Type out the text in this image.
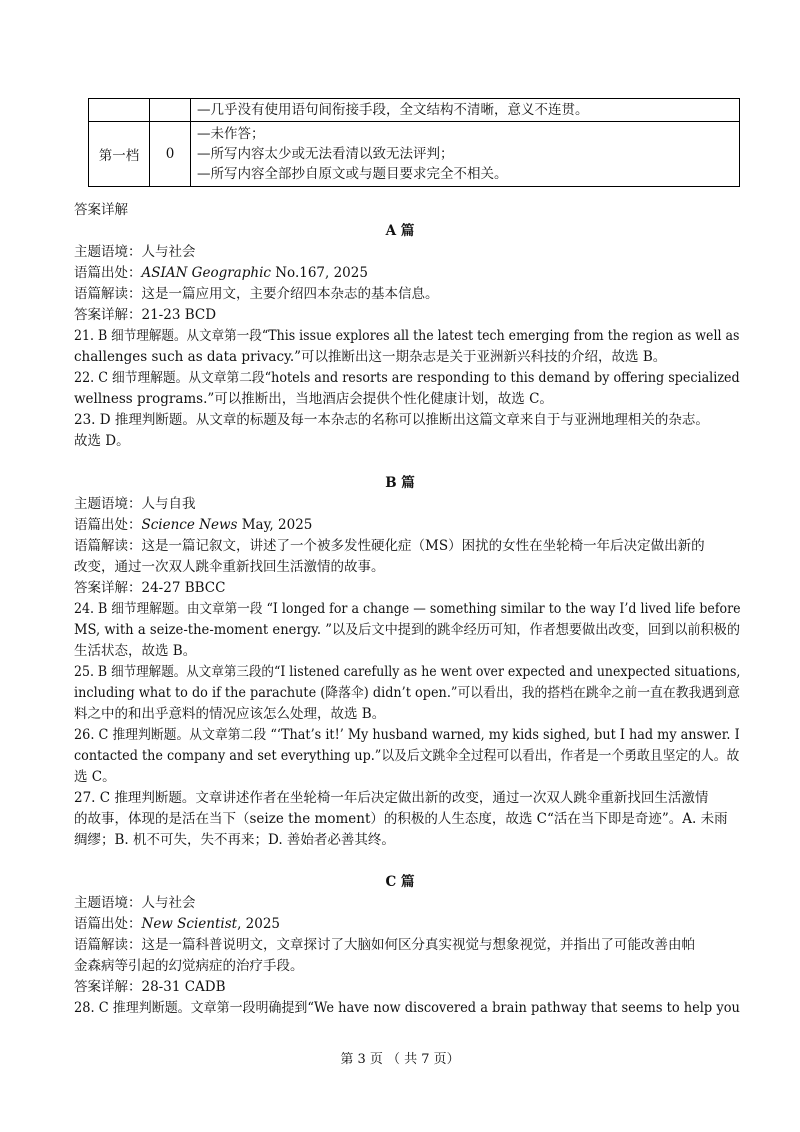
		—几乎没有使用语句间衔接手段，全文结构不清晰，意义不连贯。
第一档	0	—未作答；
—所写内容太少或无法看清以致无法评判；
—所写内容全部抄自原文或与题目要求完全不相关。
答案详解
A 篇
主题语境：人与社会
语篇出处：ASIAN Geographic No.167, 2025
语篇解读：这是一篇应用文，主要介绍四本杂志的基本信息。
答案详解：21-23 BCD
21. B 细节理解题。从文章第一段“This issue explores all the latest tech emerging from the region as well as
challenges such as data privacy.”可以推断出这一期杂志是关于亚洲新兴科技的介绍，故选 B。
22. C 细节理解题。从文章第二段“hotels and resorts are responding to this demand by offering specialized
wellness programs.”可以推断出，当地酒店会提供个性化健康计划，故选 C。
23. D 推理判断题。从文章的标题及每一本杂志的名称可以推断出这篇文章来自于与亚洲地理相关的杂志。
故选 D。
B 篇
主题语境：人与自我
语篇出处：Science News May, 2025
语篇解读：这是一篇记叙文，讲述了一个被多发性硬化症（MS）困扰的女性在坐轮椅一年后决定做出新的
改变，通过一次双人跳伞重新找回生活激情的故事。
答案详解：24-27 BBCC
24. B 细节理解题。由文章第一段 “I longed for a change — something similar to the way I’d lived life before
MS, with a seize-the-moment energy. ”以及后文中提到的跳伞经历可知，作者想要做出改变，回到以前积极的
生活状态，故选 B。
25. B 细节理解题。从文章第三段的“I listened carefully as he went over expected and unexpected situations,
including what to do if the parachute (降落伞) didn’t open.”可以看出，我的搭档在跳伞之前一直在教我遇到意
料之中的和出乎意料的情况应该怎么处理，故选 B。
26. C 推理判断题。从文章第二段 “‘That’s it!’ My husband warned, my kids sighed, but I had my answer. I
contacted the company and set everything up.”以及后文跳伞全过程可以看出，作者是一个勇敢且坚定的人。故
选 C。
27. C 推理判断题。文章讲述作者在坐轮椅一年后决定做出新的改变，通过一次双人跳伞重新找回生活激情
的故事，体现的是活在当下（seize the moment）的积极的人生态度，故选 C“活在当下即是奇迹”。A. 未雨
绸缪；B. 机不可失，失不再来；D. 善始者必善其终。
C 篇
主题语境：人与社会
语篇出处：New Scientist, 2025
语篇解读：这是一篇科普说明文，文章探讨了大脑如何区分真实视觉与想象视觉，并指出了可能改善由帕
金森病等引起的幻觉病症的治疗手段。
答案详解：28-31 CADB
28. C 推理判断题。文章第一段明确提到“We have now discovered a brain pathway that seems to help you
第 3 页 （ 共 7 页）
